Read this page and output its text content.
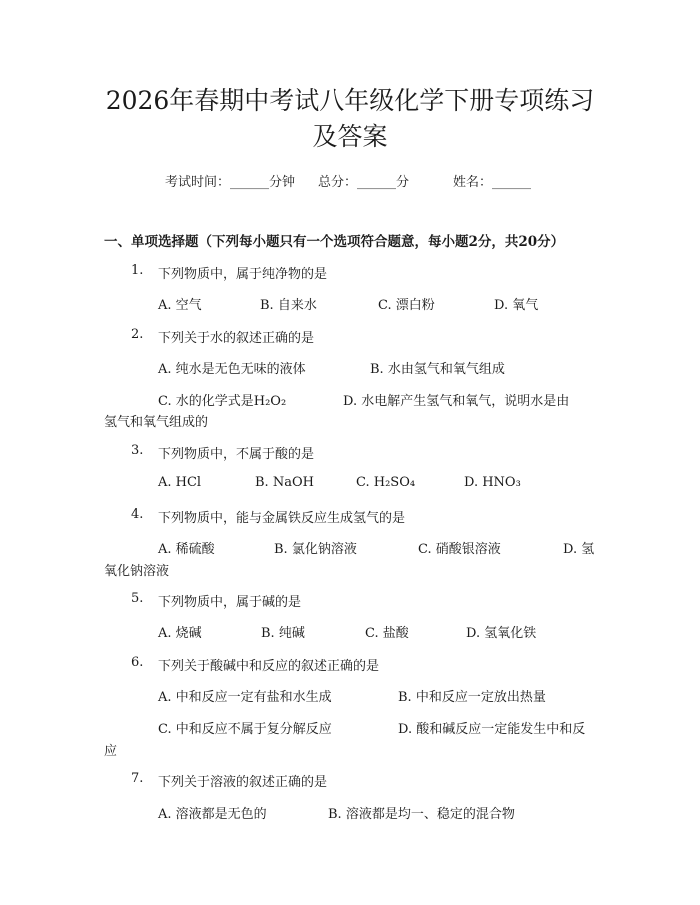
2026年春期中考试八年级化学下册专项练习
及答案
考试时间：______分钟 总分：______分	姓名：______
一、单项选择题（下列每小题只有一个选项符合题意，每小题2分，共20分）
1. 下列物质中，属于纯净物的是
A. 空气	B. 自来水	C. 漂白粉	D. 氧气
2. 下列关于水的叙述正确的是
A. 纯水是无色无味的液体	B. 水由氢气和氧气组成
C. 水的化学式是H₂O₂	D. 水电解产生氢气和氧气，说明水是由
氢气和氧气组成的
3. 下列物质中，不属于酸的是
A. HCl	B. NaOH	C. H₂SO₄	D. HNO₃
4. 下列物质中，能与金属铁反应生成氢气的是
A. 稀硫酸	B. 氯化钠溶液	C. 硝酸银溶液	D. 氢
氧化钠溶液
5. 下列物质中，属于碱的是
A. 烧碱	B. 纯碱	C. 盐酸	D. 氢氧化铁
6. 下列关于酸碱中和反应的叙述正确的是
A. 中和反应一定有盐和水生成	B. 中和反应一定放出热量
C. 中和反应不属于复分解反应	D. 酸和碱反应一定能发生中和反
应
7. 下列关于溶液的叙述正确的是
A. 溶液都是无色的	B. 溶液都是均一、稳定的混合物
